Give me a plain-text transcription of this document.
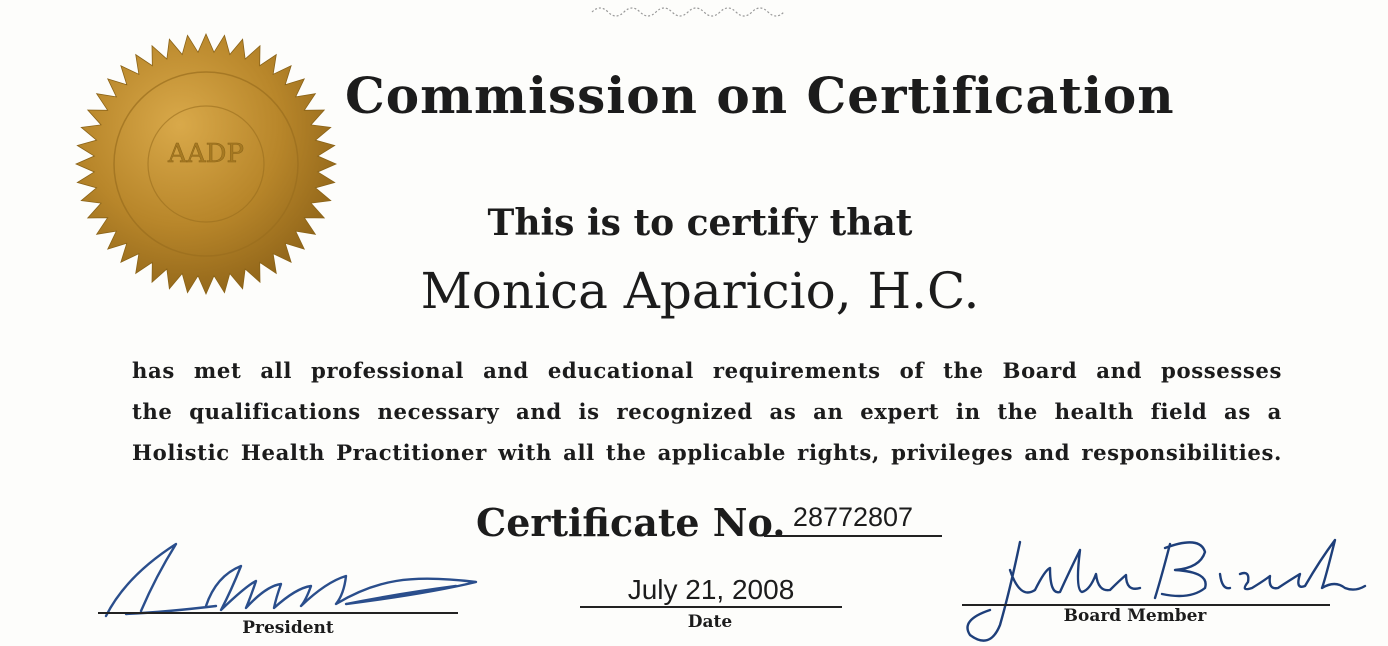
AADP
Commission on Certification
This is to certify that
Monica Aparicio, H.C.
has met all professional and educational requirements of the Board and possesses
the qualifications necessary and is recognized as an expert in the health field as a
Holistic Health Practitioner with all the applicable rights, privileges and responsibilities.
Certificate No. 28772807
President
July 21, 2008
Date	Board Member
